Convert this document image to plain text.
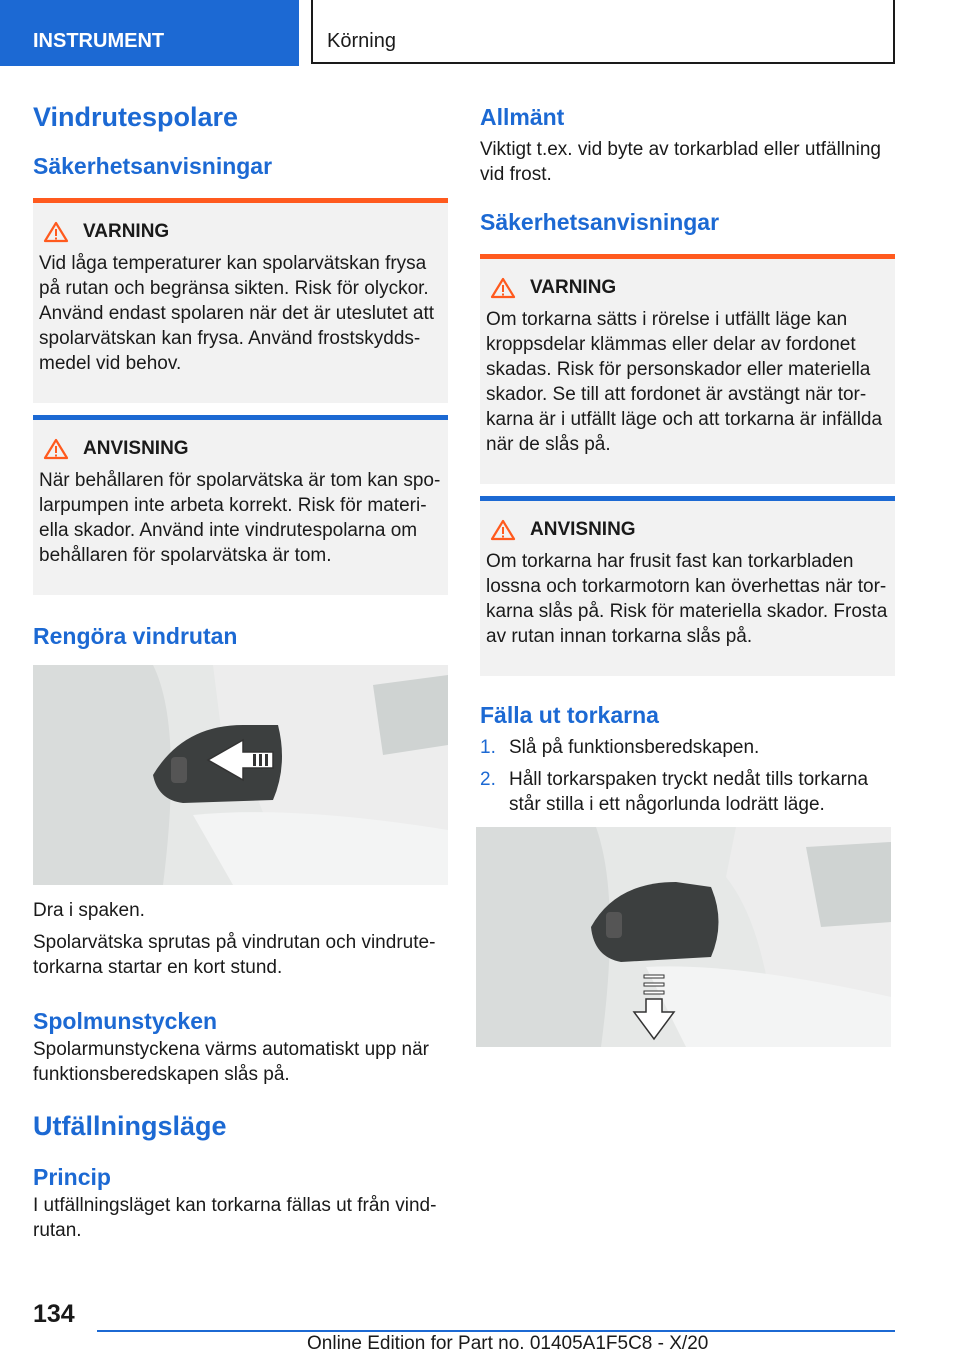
INSTRUMENT	Körning
Vindrutespolare
Säkerhetsanvisningar
VARNING

Vid låga temperaturer kan spolarvätskan frysa på rutan och begränsa sikten. Risk för olyckor. Använd endast spolaren när det är uteslutet att spolarvätskan kan frysa. Använd frostskyddsmedel vid behov.

ANVISNING

När behållaren för spolarvätska är tom kan spolarpumpen inte arbeta korrekt. Risk för materiella skador. Använd inte vindrutespolarna om behållaren för spolarvätska är tom.

Rengöra vindrutan

Dra i spaken.

Spolarvätska sprutas på vindrutan och vindrutetorkarna startar en kort stund.

Spolmunstycken

Spolarmunstyckena värms automatiskt upp när funktionsberedskapen slås på.

Utfällningsläge
Princip

I utfällningsläget kan torkarna fällas ut från vindrutan.

Allmänt

Viktigt t.ex. vid byte av torkarblad eller utfällning vid frost.

Säkerhetsanvisningar
VARNING

Om torkarna sätts i rörelse i utfällt läge kan kroppsdelar klämmas eller delar av fordonet skadas. Risk för personskador eller materiella skador. Se till att fordonet är avstängt när torkarna är i utfällt läge och att torkarna är infällda när de slås på.

ANVISNING

Om torkarna har frusit fast kan torkarbladen lossna och torkarmotorn kan överhettas när torkarna slås på. Risk för materiella skador. Frosta av rutan innan torkarna slås på.

Fälla ut torkarna
1. Slå på funktionsberedskapen.
2. Håll torkarspaken tryckt nedåt tills torkarna står stilla i ett någorlunda lodrätt läge.
134
Online Edition for Part no. 01405A1F5C8 - X/20
